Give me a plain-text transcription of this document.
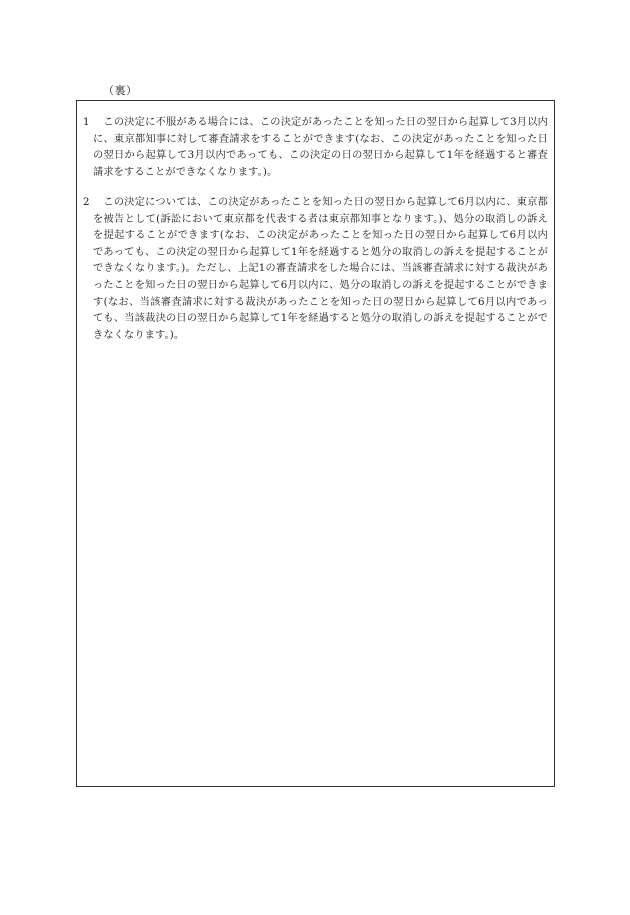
（裏）
1 　この決定に不服がある場合には、この決定があったことを知った日の翌日から起算して3月以内に、東京都知事に対して審査請求をすることができます(なお、この決定があったことを知った日の翌日から起算して3月以内であっても、この決定の日の翌日から起算して1年を経過すると審査請求をすることができなくなります。)。
2 　この決定については、この決定があったことを知った日の翌日から起算して6月以内に、東京都を被告として(訴訟において東京都を代表する者は東京都知事となります。)、処分の取消しの訴えを提起することができます(なお、この決定があったことを知った日の翌日から起算して6月以内であっても、この決定の翌日から起算して1年を経過すると処分の取消しの訴えを提起することができなくなります。)。ただし、上記1の審査請求をした場合には、当該審査請求に対する裁決があったことを知った日の翌日から起算して6月以内に、処分の取消しの訴えを提起することができます(なお、当該審査請求に対する裁決があったことを知った日の翌日から起算して6月以内であっても、当該裁決の日の翌日から起算して1年を経過すると処分の取消しの訴えを提起することができなくなります。)。
